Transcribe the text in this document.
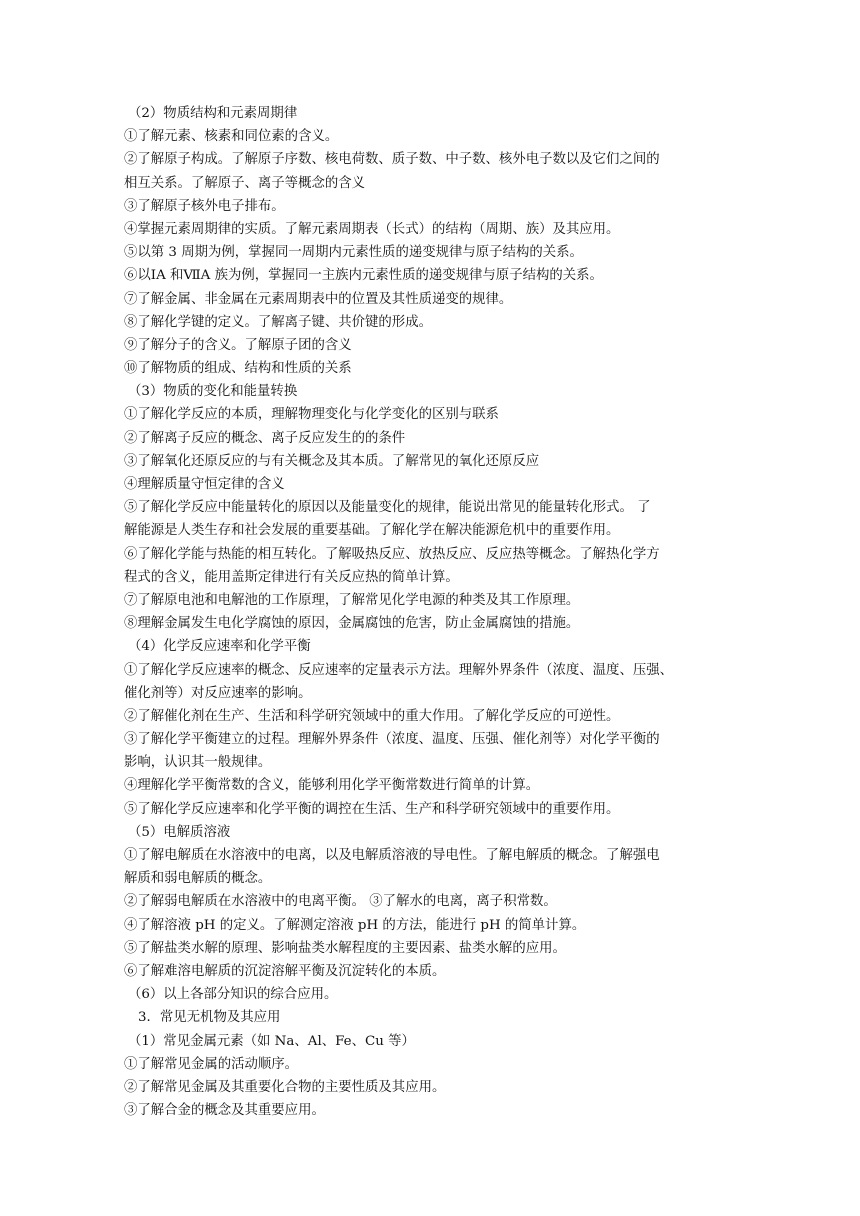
（2）物质结构和元素周期律
①了解元素、核素和同位素的含义。
②了解原子构成。了解原子序数、核电荷数、质子数、中子数、核外电子数以及它们之间的
相互关系。了解原子、离子等概念的含义
③了解原子核外电子排布。
④掌握元素周期律的实质。了解元素周期表（长式）的结构（周期、族）及其应用。
⑤以第 3 周期为例，掌握同一周期内元素性质的递变规律与原子结构的关系。
⑥以ⅠA 和ⅦA 族为例，掌握同一主族内元素性质的递变规律与原子结构的关系。
⑦了解金属、非金属在元素周期表中的位置及其性质递变的规律。
⑧了解化学键的定义。了解离子键、共价键的形成。
⑨了解分子的含义。了解原子团的含义
⑩了解物质的组成、结构和性质的关系
（3）物质的变化和能量转换
①了解化学反应的本质，理解物理变化与化学变化的区别与联系
②了解离子反应的概念、离子反应发生的的条件
③了解氧化还原反应的与有关概念及其本质。了解常见的氧化还原反应
④理解质量守恒定律的含义
⑤了解化学反应中能量转化的原因以及能量变化的规律，能说出常见的能量转化形式。 了
解能源是人类生存和社会发展的重要基础。了解化学在解决能源危机中的重要作用。
⑥了解化学能与热能的相互转化。了解吸热反应、放热反应、反应热等概念。了解热化学方
程式的含义，能用盖斯定律进行有关反应热的简单计算。
⑦了解原电池和电解池的工作原理，了解常见化学电源的种类及其工作原理。
⑧理解金属发生电化学腐蚀的原因，金属腐蚀的危害，防止金属腐蚀的措施。
（4）化学反应速率和化学平衡
①了解化学反应速率的概念、反应速率的定量表示方法。理解外界条件（浓度、温度、压强、
催化剂等）对反应速率的影响。
②了解催化剂在生产、生活和科学研究领域中的重大作用。了解化学反应的可逆性。
③了解化学平衡建立的过程。理解外界条件（浓度、温度、压强、催化剂等）对化学平衡的
影响，认识其一般规律。
④理解化学平衡常数的含义，能够利用化学平衡常数进行简单的计算。
⑤了解化学反应速率和化学平衡的调控在生活、生产和科学研究领域中的重要作用。
（5）电解质溶液
①了解电解质在水溶液中的电离，以及电解质溶液的导电性。了解电解质的概念。了解强电
解质和弱电解质的概念。
②了解弱电解质在水溶液中的电离平衡。 ③了解水的电离，离子积常数。
④了解溶液 pH 的定义。了解测定溶液 pH 的方法，能进行 pH 的简单计算。
⑤了解盐类水解的原理、影响盐类水解程度的主要因素、盐类水解的应用。
⑥了解难溶电解质的沉淀溶解平衡及沉淀转化的本质。
（6）以上各部分知识的综合应用。
3．常见无机物及其应用
（1）常见金属元素（如 Na、Al、Fe、Cu 等）
①了解常见金属的活动顺序。
②了解常见金属及其重要化合物的主要性质及其应用。
③了解合金的概念及其重要应用。
